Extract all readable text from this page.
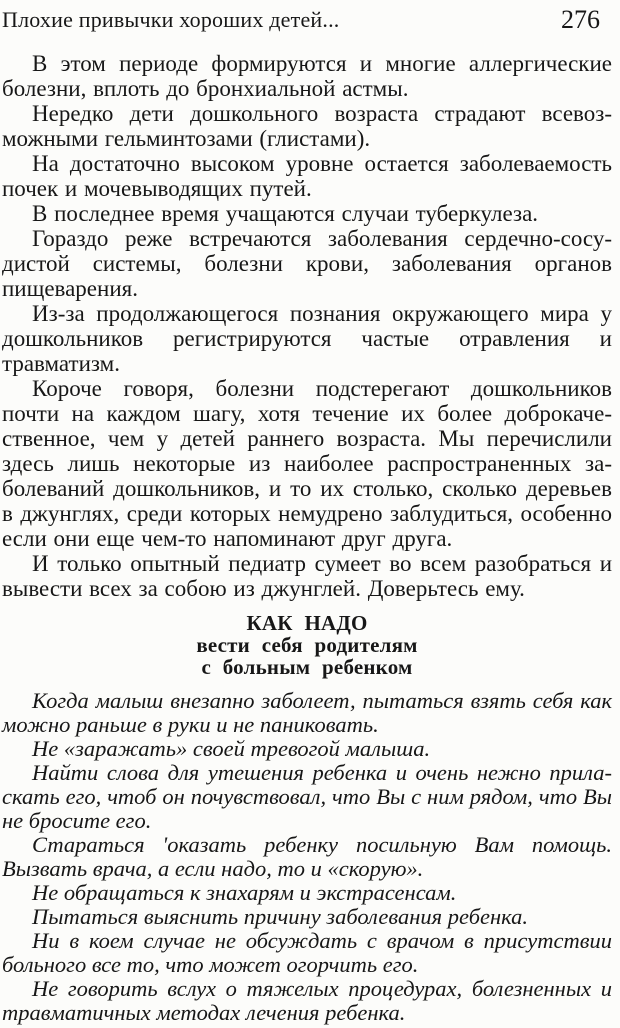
Плохие привычки хороших детей...	276

В этом периоде формируются и многие аллергические болезни, вплоть до бронхиальной астмы.

Нередко дети дошкольного возраста страдают всевозможными гельминтозами (глистами).

На достаточно высоком уровне остается заболеваемость почек и мочевыводящих путей.

В последнее время учащаются случаи туберкулеза.

Гораздо реже встречаются заболевания сердечно-сосудистой системы, болезни крови, заболевания органов пищеварения.

Из-за продолжающегося познания окружающего мира у дошкольников регистрируются частые отравления и травматизм.

Короче говоря, болезни подстерегают дошкольников почти на каждом шагу, хотя течение их более доброкачественное, чем у детей раннего возраста. Мы перечислили здесь лишь некоторые из наиболее распространенных заболеваний дошкольников, и то их столько, сколько деревьев в джунглях, среди которых немудрено заблудиться, особенно если они еще чем-то напоминают друг друга.

И только опытный педиатр сумеет во всем разобраться и вывести всех за собою из джунглей. Доверьтесь ему.

КАК НАДО
вести себя родителям
с больным ребенком

Когда малыш внезапно заболеет, пытаться взять себя как можно раньше в руки и не паниковать.

Не «заражать» своей тревогой малыша.

Найти слова для утешения ребенка и очень нежно приласкать его, чтоб он почувствовал, что Вы с ним рядом, что Вы не бросите его.

Стараться 'оказать ребенку посильную Вам помощь. Вызвать врача, а если надо, то и «скорую».

Не обращаться к знахарям и экстрасенсам.

Пытаться выяснить причину заболевания ребенка.

Ни в коем случае не обсуждать с врачом в присутствии больного все то, что может огорчить его.

Не говорить вслух о тяжелых процедурах, болезненных и травматичных методах лечения ребенка.
